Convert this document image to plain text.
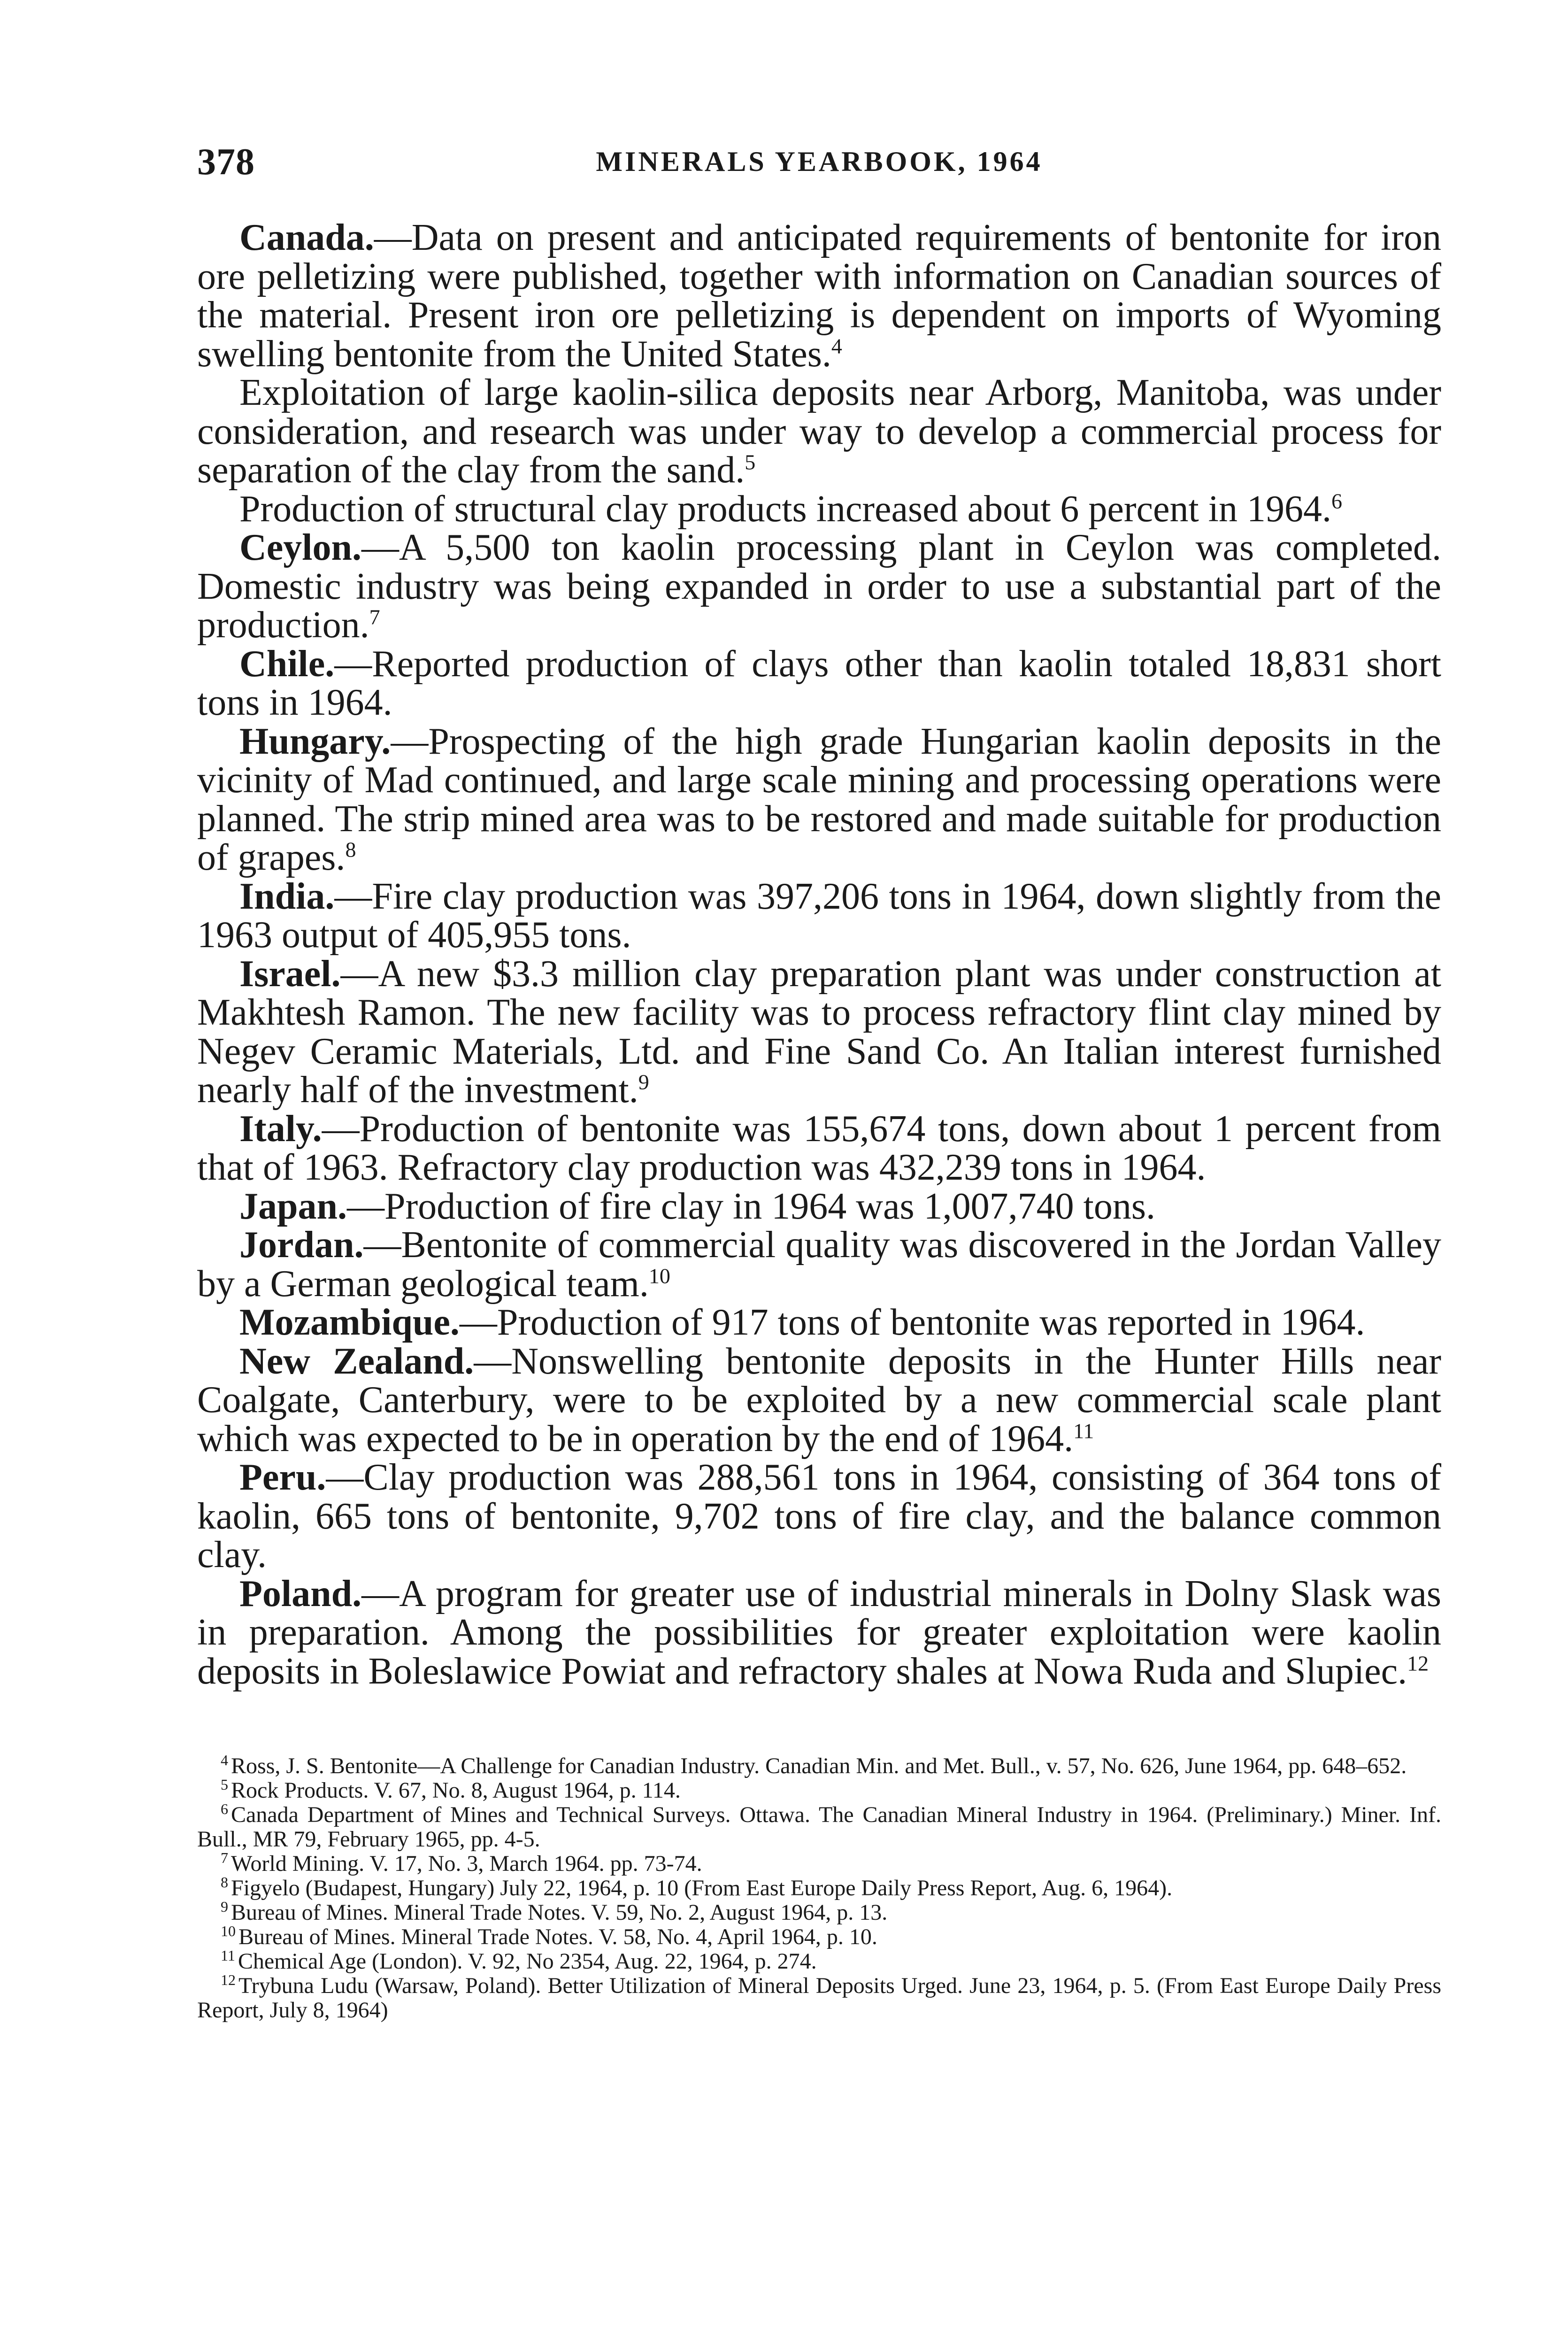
378	MINERALS YEARBOOK, 1964

Canada.—Data on present and anticipated requirements of bentonite for iron ore pelletizing were published, together with information on Canadian sources of the material. Present iron ore pelletizing is dependent on imports of Wyoming swelling bentonite from the United States.$^4$

Exploitation of large kaolin-silica deposits near Arborg, Manitoba, was under consideration, and research was under way to develop a commercial process for separation of the clay from the sand.$^5$

Production of structural clay products increased about 6 percent in 1964.$^6$

Ceylon.—A 5,500 ton kaolin processing plant in Ceylon was completed. Domestic industry was being expanded in order to use a substantial part of the production.$^7$

Chile.—Reported production of clays other than kaolin totaled 18,831 short tons in 1964.

Hungary.—Prospecting of the high grade Hungarian kaolin deposits in the vicinity of Mad continued, and large scale mining and processing operations were planned. The strip mined area was to be restored and made suitable for production of grapes.$^8$

India.—Fire clay production was 397,206 tons in 1964, down slightly from the 1963 output of 405,955 tons.

Israel.—A new $3.3 million clay preparation plant was under construction at Makhtesh Ramon. The new facility was to process refractory flint clay mined by Negev Ceramic Materials, Ltd. and Fine Sand Co. An Italian interest furnished nearly half of the investment.$^9$

Italy.—Production of bentonite was 155,674 tons, down about 1 percent from that of 1963. Refractory clay production was 432,239 tons in 1964.

Japan.—Production of fire clay in 1964 was 1,007,740 tons.

Jordan.—Bentonite of commercial quality was discovered in the Jordan Valley by a German geological team.$^{10}$

Mozambique.—Production of 917 tons of bentonite was reported in 1964.

New Zealand.—Nonswelling bentonite deposits in the Hunter Hills near Coalgate, Canterbury, were to be exploited by a new commercial scale plant which was expected to be in operation by the end of 1964.11

Peru.—Clay production was 288,561 tons in 1964, consisting of 364 tons of kaolin, 665 tons of bentonite, 9,702 tons of fire clay, and the balance common clay.

Poland.—A program for greater use of industrial minerals in Dolny Slask was in preparation. Among the possibilities for greater exploitation were kaolin deposits in Boleslawice Powiat and refractory shales at Nowa Ruda and Slupiec.$^{12}$

$^4$ Ross, J. S. Bentonite—A Challenge for Canadian Industry. Canadian Min. and Met. Bull., v. 57, No. 626, June 1964, pp. 648–652.

$^5$ Rock Products. V. 67, No. 8, August 1964, p. 114.

$^6$ Canada Department of Mines and Technical Surveys. Ottawa. The Canadian Mineral Industry in 1964. (Preliminary.) Miner. Inf. Bull., MR 79, February 1965, pp. 4-5.

$^7$ World Mining. V. 17, No. 3, March 1964. pp. 73-74.

$^8$ Figyelo (Budapest, Hungary) July 22, 1964, p. 10 (From East Europe Daily Press Report, Aug. 6, 1964).

$^9$ Bureau of Mines. Mineral Trade Notes. V. 59, No. 2, August 1964, p. 13.

$^{10}$ Bureau of Mines. Mineral Trade Notes. V. 58, No. 4, April 1964, p. 10.

$^{11}$ Chemical Age (London). V. 92, No 2354, Aug. 22, 1964, p. 274.

$^{12}$ Trybuna Ludu (Warsaw, Poland). Better Utilization of Mineral Deposits Urged. June 23, 1964, p. 5. (From East Europe Daily Press Report, July 8, 1964)
